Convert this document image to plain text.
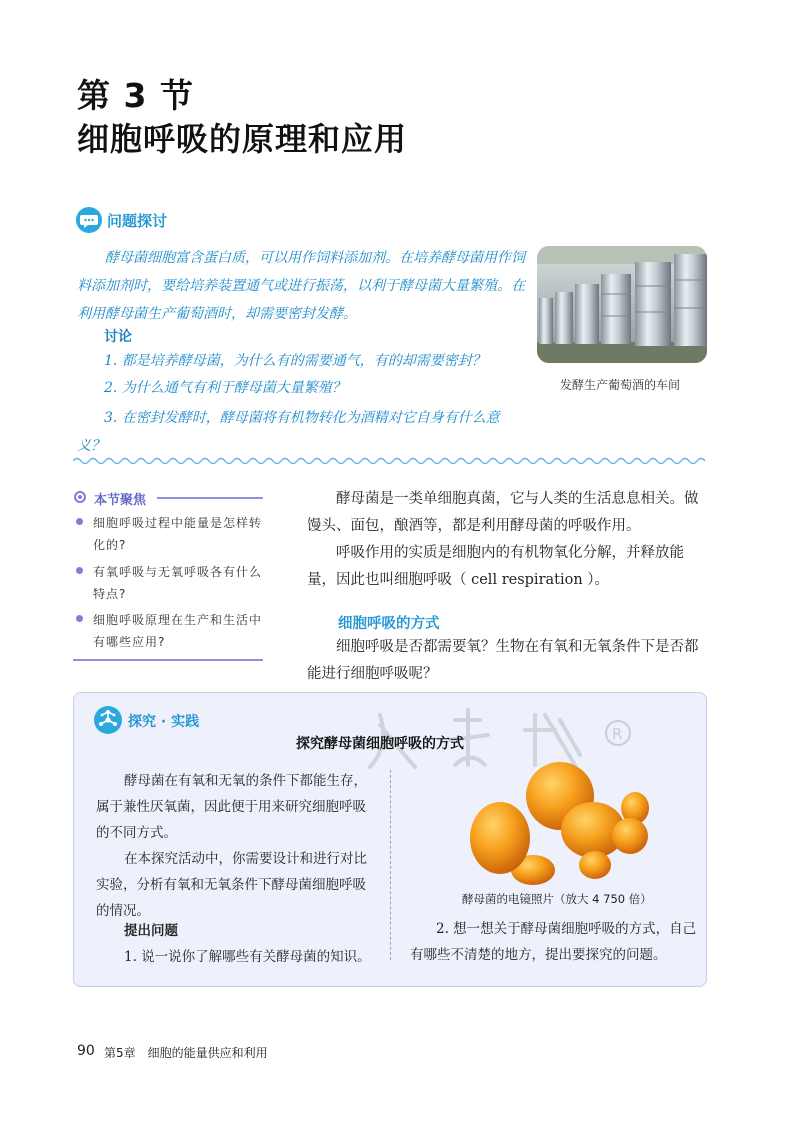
第 3 节
细胞呼吸的原理和应用
问题探讨
酵母菌细胞富含蛋白质，可以用作饲料添加剂。在培养酵母菌用作饲料添加剂时，要给培养装置通气或进行振荡，以利于酵母菌大量繁殖。在利用酵母菌生产葡萄酒时，却需要密封发酵。
讨论
1. 都是培养酵母菌，为什么有的需要通气，有的却需要密封？
2. 为什么通气有利于酵母菌大量繁殖？
3. 在密封发酵时，酵母菌将有机物转化为酒精对它自身有什么意义？
发酵生产葡萄酒的车间
本节聚焦
细胞呼吸过程中能量是怎样转化的?
有氧呼吸与无氧呼吸各有什么特点?
细胞呼吸原理在生产和生活中有哪些应用?
酵母菌是一类单细胞真菌，它与人类的生活息息相关。做馒头、面包，酿酒等，都是利用酵母菌的呼吸作用。
呼吸作用的实质是细胞内的有机物氧化分解，并释放能量，因此也叫细胞呼吸（ cell respiration ）。
细胞呼吸的方式
细胞呼吸是否都需要氧？生物在有氧和无氧条件下是否都能进行细胞呼吸呢？
探究 · 实践
R
探究酵母菌细胞呼吸的方式
酵母菌在有氧和无氧的条件下都能生存，属于兼性厌氧菌，因此便于用来研究细胞呼吸的不同方式。
在本探究活动中，你需要设计和进行对比实验，分析有氧和无氧条件下酵母菌细胞呼吸的情况。
提出问题
1. 说一说你了解哪些有关酵母菌的知识。
酵母菌的电镜照片（放大 4 750 倍）
2. 想一想关于酵母菌细胞呼吸的方式，自己有哪些不清楚的地方，提出要探究的问题。
90 第5章　细胞的能量供应和利用
